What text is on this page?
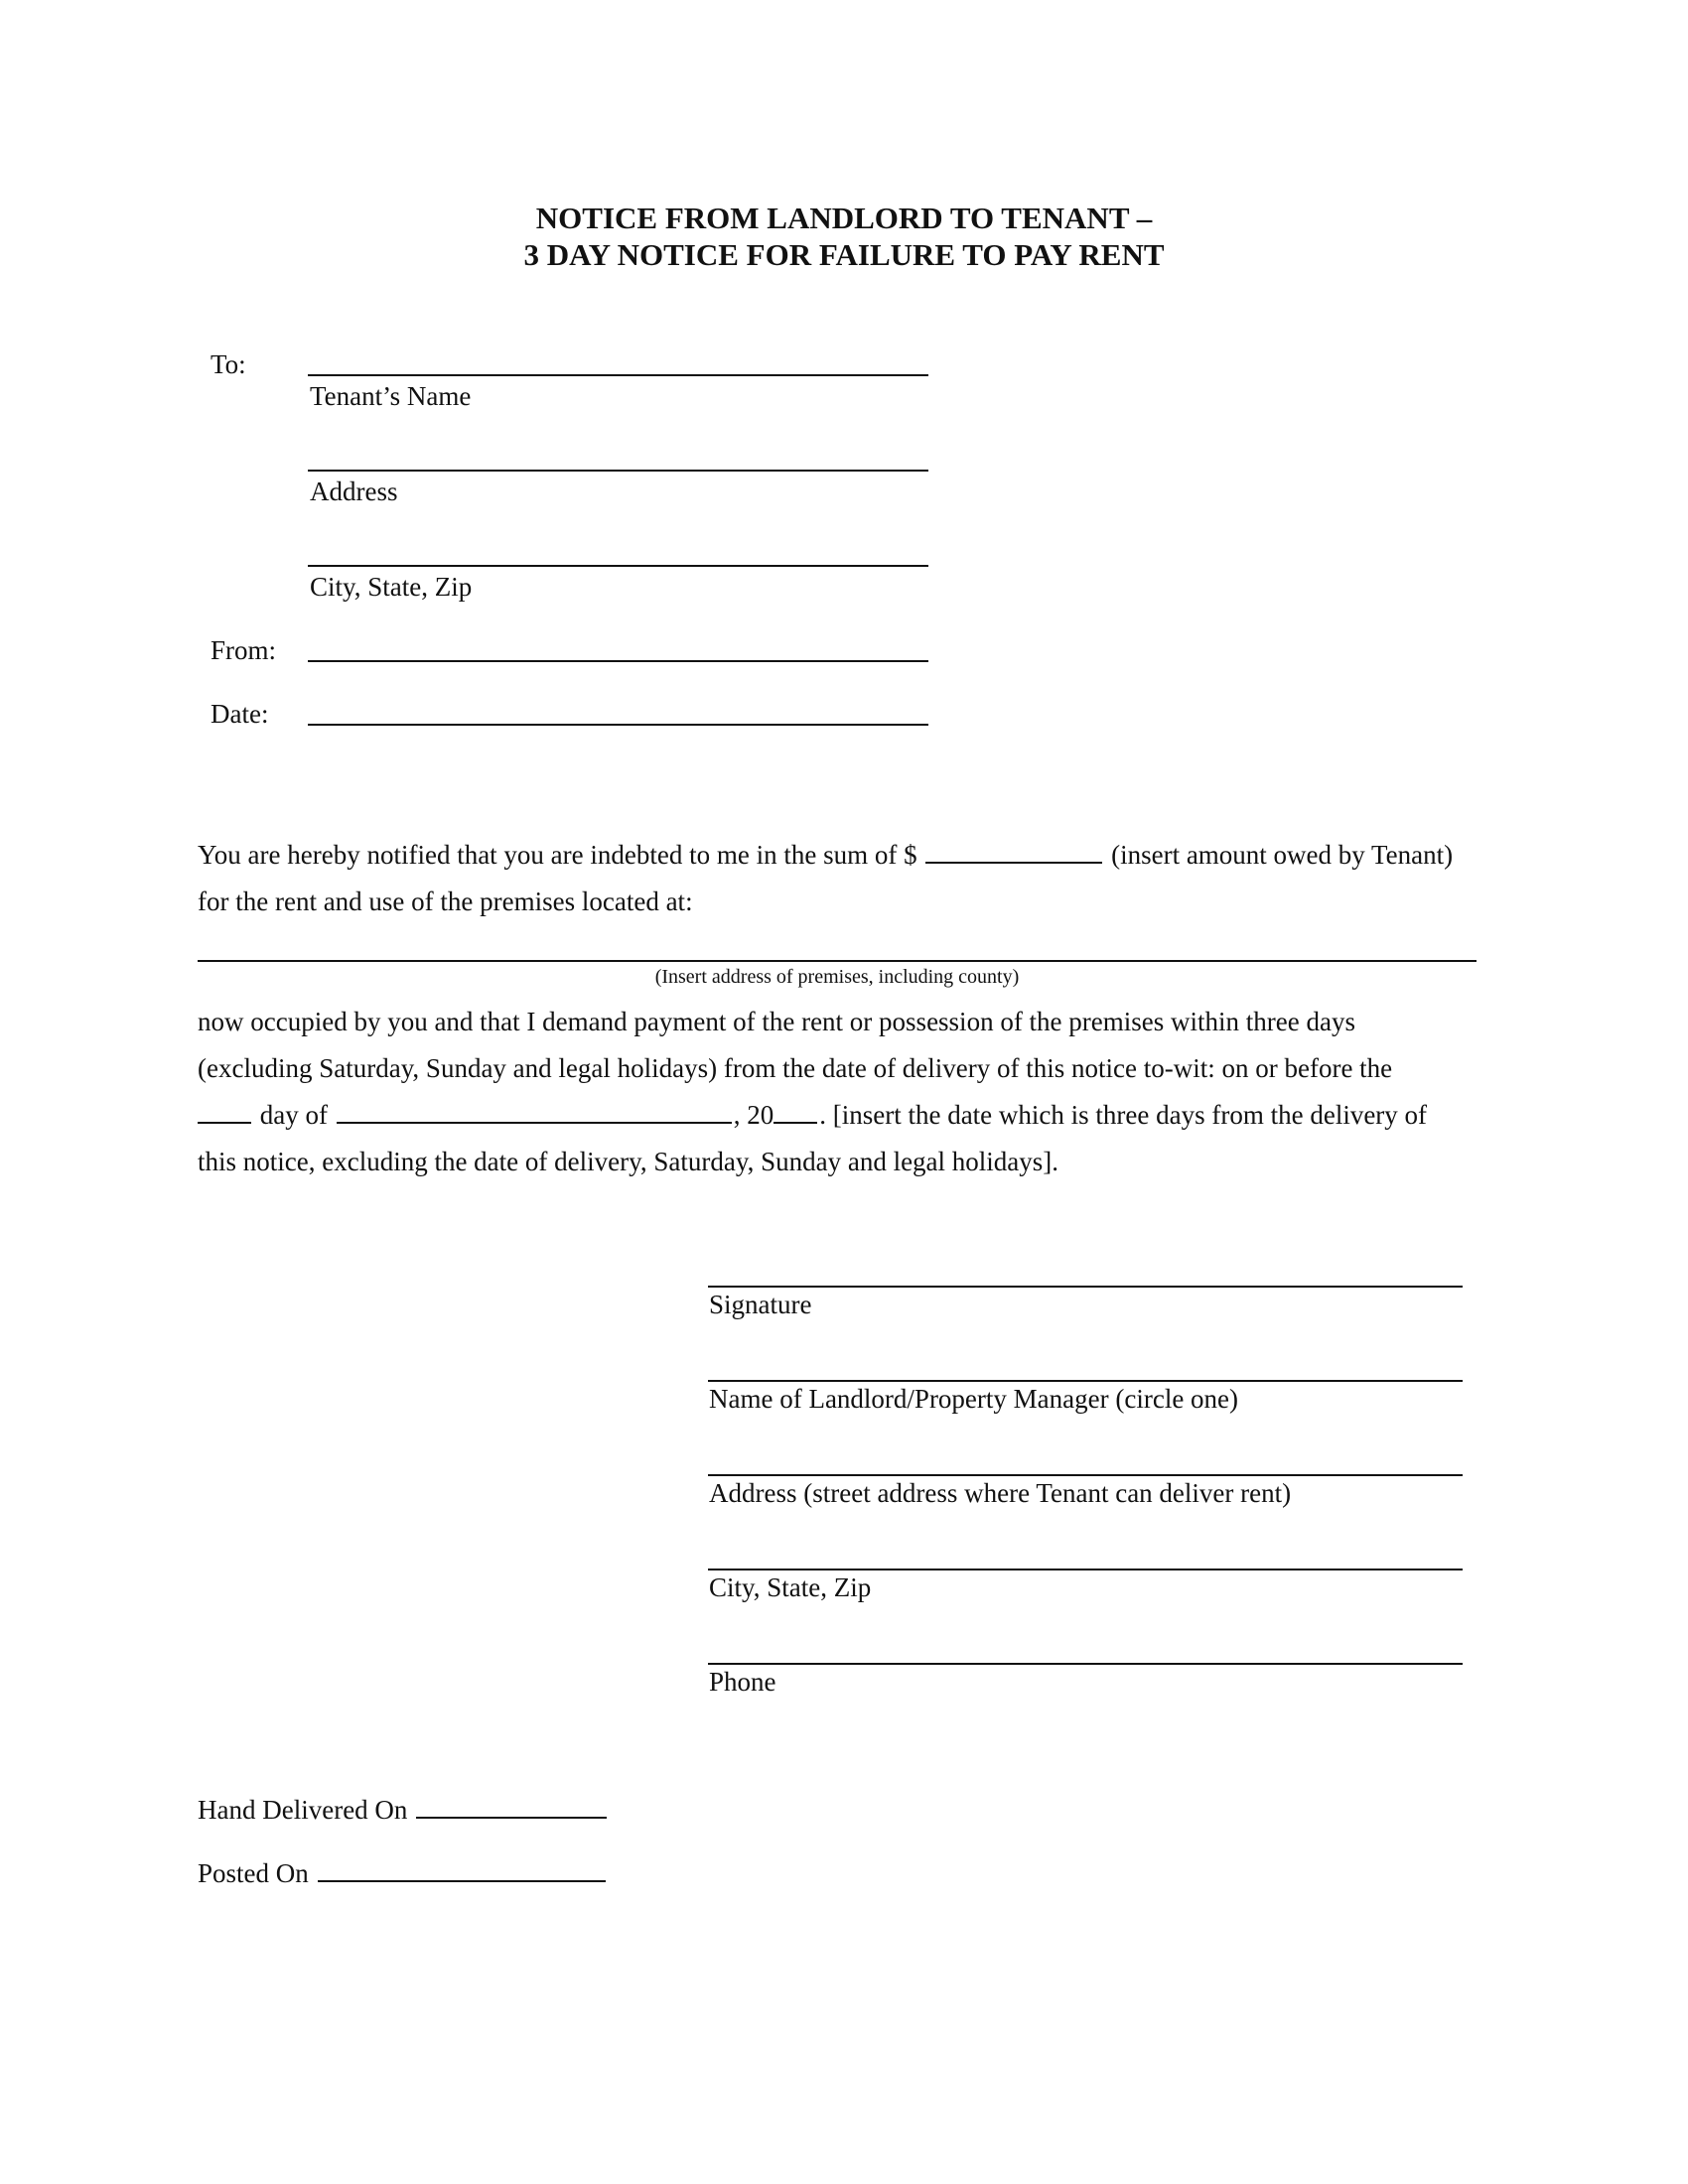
NOTICE FROM LANDLORD TO TENANT –
3 DAY NOTICE FOR FAILURE TO PAY RENT
To:
Tenant’s Name
Address
City, State, Zip
From:
Date:
You are hereby notified that you are indebted to me in the sum of $	(insert amount owed by Tenant)
for the rent and use of the premises located at:
(Insert address of premises, including county)
now occupied by you and that I demand payment of the rent or possession of the premises within three days
(excluding Saturday, Sunday and legal holidays) from the date of delivery of this notice to-wit: on or before the
day of	, 20 . [insert the date which is three days from the delivery of
this notice, excluding the date of delivery, Saturday, Sunday and legal holidays].
Signature
Name of Landlord/Property Manager (circle one)
Address (street address where Tenant can deliver rent)
City, State, Zip
Phone
Hand Delivered On
Posted On
